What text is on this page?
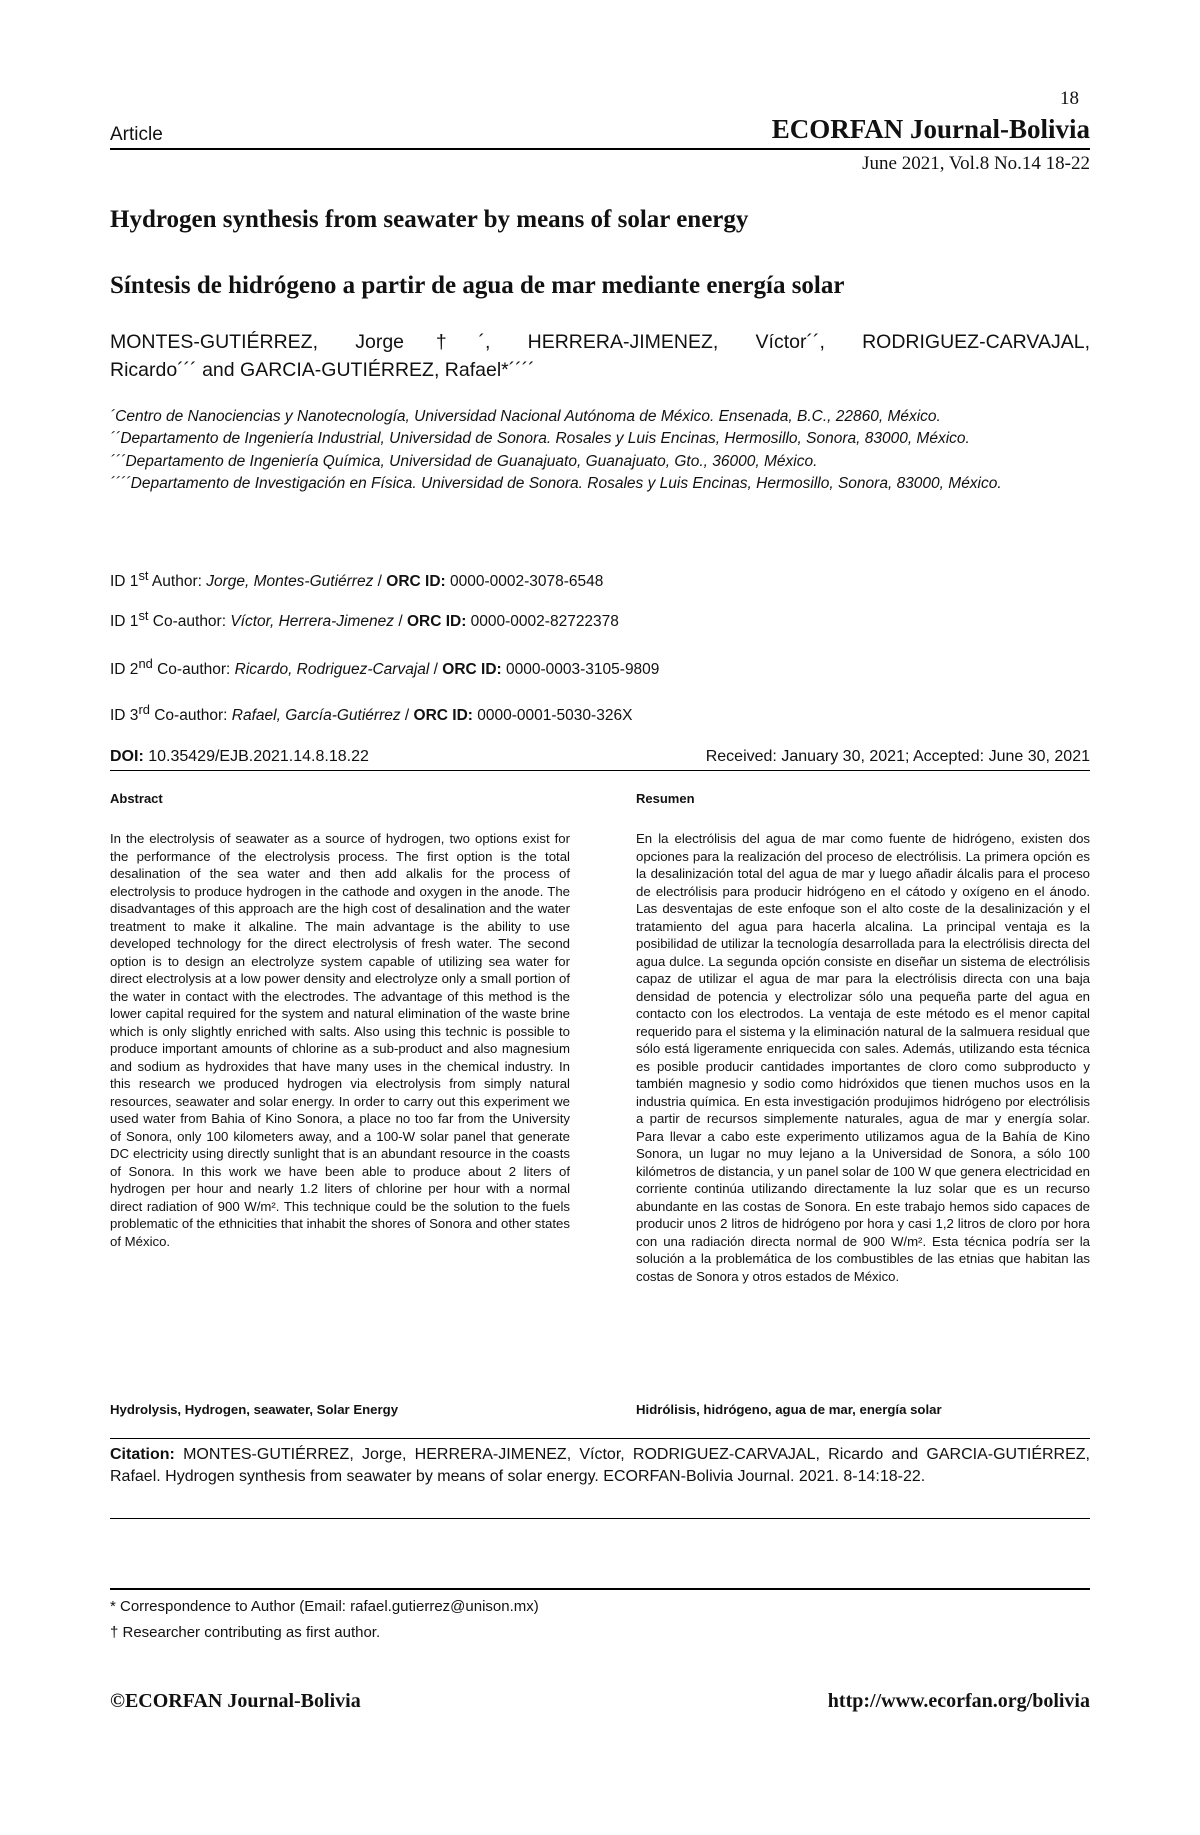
18
Article	ECORFAN Journal-Bolivia
June 2021, Vol.8 No.14 18-22
Hydrogen synthesis from seawater by means of solar energy
Síntesis de hidrógeno a partir de agua de mar mediante energía solar
MONTES-GUTIÉRREZ, Jorge†´, HERRERA-JIMENEZ, Víctor´´, RODRIGUEZ-CARVAJAL,
Ricardo´´´ and GARCIA-GUTIÉRREZ, Rafael*´´´´

´Centro de Nanociencias y Nanotecnología, Universidad Nacional Autónoma de México. Ensenada, B.C., 22860, México.

´´Departamento de Ingeniería Industrial, Universidad de Sonora. Rosales y Luis Encinas, Hermosillo, Sonora, 83000, México.

´´´Departamento de Ingeniería Química, Universidad de Guanajuato, Guanajuato, Gto., 36000, México.

´´´´Departamento de Investigación en Física. Universidad de Sonora. Rosales y Luis Encinas, Hermosillo, Sonora, 83000, México.

ID 1st Author: Jorge, Montes-Gutiérrez / ORC ID: 0000-0002-3078-6548
ID 1st Co-author: Víctor, Herrera-Jimenez / ORC ID: 0000-0002-82722378
ID 2nd Co-author: Ricardo, Rodriguez-Carvajal / ORC ID: 0000-0003-3105-9809
ID 3rd Co-author: Rafael, García-Gutiérrez / ORC ID: 0000-0001-5030-326X
DOI: 10.35429/EJB.2021.14.8.18.22	Received: January 30, 2021; Accepted: June 30, 2021
Abstract
In the electrolysis of seawater as a source of hydrogen, two options exist for the performance of the electrolysis process. The first option is the total desalination of the sea water and then add alkalis for the process of electrolysis to produce hydrogen in the cathode and oxygen in the anode. The disadvantages of this approach are the high cost of desalination and the water treatment to make it alkaline. The main advantage is the ability to use developed technology for the direct electrolysis of fresh water. The second option is to design an electrolyze system capable of utilizing sea water for direct electrolysis at a low power density and electrolyze only a small portion of the water in contact with the electrodes. The advantage of this method is the lower capital required for the system and natural elimination of the waste brine which is only slightly enriched with salts. Also using this technic is possible to produce important amounts of chlorine as a sub-product and also magnesium and sodium as hydroxides that have many uses in the chemical industry. In this research we produced hydrogen via electrolysis from simply natural resources, seawater and solar energy. In order to carry out this experiment we used water from Bahia of Kino Sonora, a place no too far from the University of Sonora, only 100 kilometers away, and a 100-W solar panel that generate DC electricity using directly sunlight that is an abundant resource in the coasts of Sonora. In this work we have been able to produce about 2 liters of hydrogen per hour and nearly 1.2 liters of chlorine per hour with a normal direct radiation of 900 W/m². This technique could be the solution to the fuels problematic of the ethnicities that inhabit the shores of Sonora and other states of México.
Hydrolysis, Hydrogen, seawater, Solar Energy
Resumen
En la electrólisis del agua de mar como fuente de hidrógeno, existen dos opciones para la realización del proceso de electrólisis. La primera opción es la desalinización total del agua de mar y luego añadir álcalis para el proceso de electrólisis para producir hidrógeno en el cátodo y oxígeno en el ánodo. Las desventajas de este enfoque son el alto coste de la desalinización y el tratamiento del agua para hacerla alcalina. La principal ventaja es la posibilidad de utilizar la tecnología desarrollada para la electrólisis directa del agua dulce. La segunda opción consiste en diseñar un sistema de electrólisis capaz de utilizar el agua de mar para la electrólisis directa con una baja densidad de potencia y electrolizar sólo una pequeña parte del agua en contacto con los electrodos. La ventaja de este método es el menor capital requerido para el sistema y la eliminación natural de la salmuera residual que sólo está ligeramente enriquecida con sales. Además, utilizando esta técnica es posible producir cantidades importantes de cloro como subproducto y también magnesio y sodio como hidróxidos que tienen muchos usos en la industria química. En esta investigación produjimos hidrógeno por electrólisis a partir de recursos simplemente naturales, agua de mar y energía solar. Para llevar a cabo este experimento utilizamos agua de la Bahía de Kino Sonora, un lugar no muy lejano a la Universidad de Sonora, a sólo 100 kilómetros de distancia, y un panel solar de 100 W que genera electricidad en corriente continúa utilizando directamente la luz solar que es un recurso abundante en las costas de Sonora. En este trabajo hemos sido capaces de producir unos 2 litros de hidrógeno por hora y casi 1,2 litros de cloro por hora con una radiación directa normal de 900 W/m². Esta técnica podría ser la solución a la problemática de los combustibles de las etnias que habitan las costas de Sonora y otros estados de México.
Hidrólisis, hidrógeno, agua de mar, energía solar
Citation: MONTES-GUTIÉRREZ, Jorge, HERRERA-JIMENEZ, Víctor, RODRIGUEZ-CARVAJAL, Ricardo and GARCIA-GUTIÉRREZ, Rafael. Hydrogen synthesis from seawater by means of solar energy. ECORFAN-Bolivia Journal. 2021. 8-14:18-22.
* Correspondence to Author (Email: rafael.gutierrez@unison.mx)
† Researcher contributing as first author.
©ECORFAN Journal-Bolivia	http://www.ecorfan.org/bolivia
